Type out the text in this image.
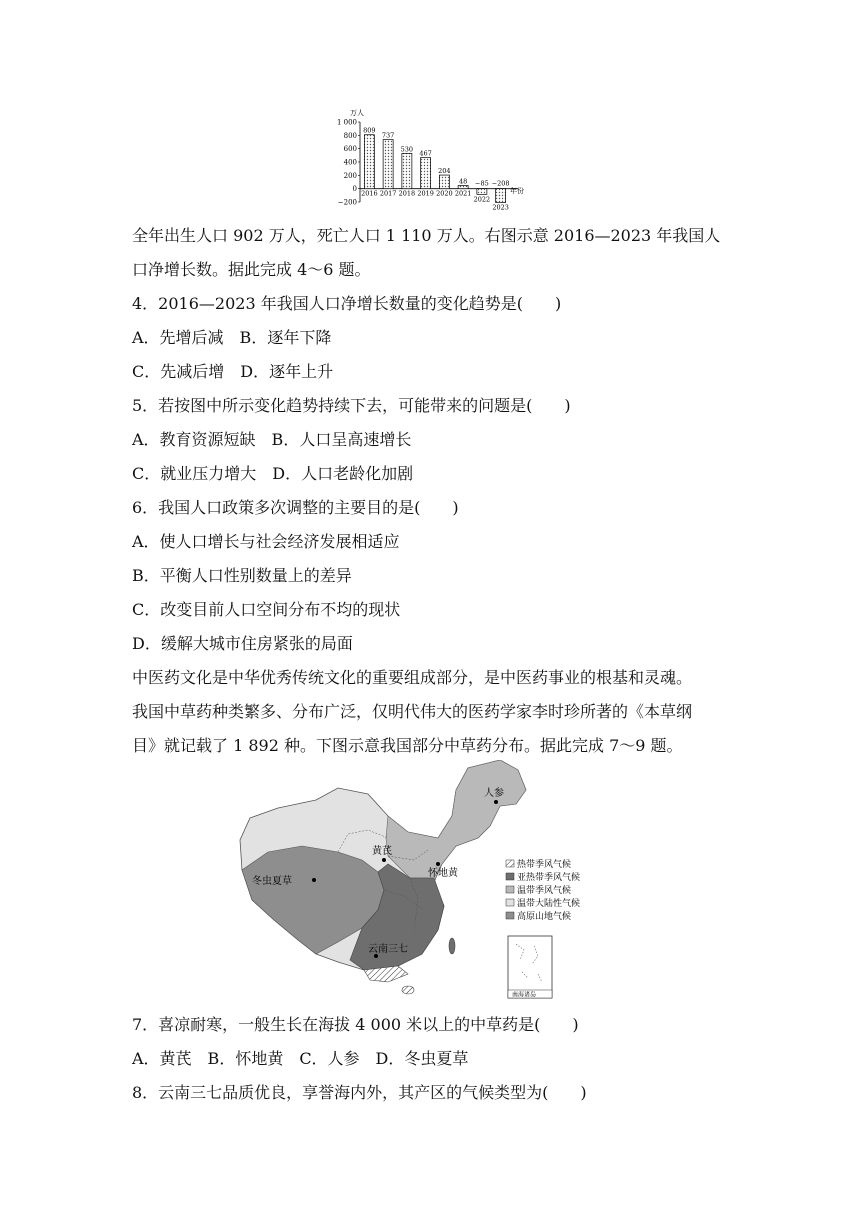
万人
1 000
800
600
400
200
0
−200
809
737
530
467
204
48 −85 −208
2016 2017 2018 2019 2020 2021
2022
2023
年份
全年出生人口 902 万人，死亡人口 1 110 万人。右图示意 2016—2023 年我国人
口净增长数。据此完成 4～6 题。
4．2016—2023 年我国人口净增长数量的变化趋势是(　　)
A．先增后减　B．逐年下降
C．先减后增　D．逐年上升
5．若按图中所示变化趋势持续下去，可能带来的问题是(　　)
A．教育资源短缺　B．人口呈高速增长
C．就业压力增大　D．人口老龄化加剧
6．我国人口政策多次调整的主要目的是(　　)
A．使人口增长与社会经济发展相适应
B．平衡人口性别数量上的差异
C．改变目前人口空间分布不均的现状
D．缓解大城市住房紧张的局面
中医药文化是中华优秀传统文化的重要组成部分，是中医药事业的根基和灵魂。
我国中草药种类繁多、分布广泛，仅明代伟大的医药学家李时珍所著的《本草纲
目》就记载了 1 892 种。下图示意我国部分中草药分布。据此完成 7～9 题。
人参
黄芪
怀地黄
冬虫夏草
云南三七
热带季风气候
亚热带季风气候
温带季风气候
温带大陆性气候
高原山地气候
南海诸岛
7．喜凉耐寒，一般生长在海拔 4 000 米以上的中草药是(　　)
A．黄芪　B．怀地黄　C．人参　D．冬虫夏草
8．云南三七品质优良，享誉海内外，其产区的气候类型为(　　)
